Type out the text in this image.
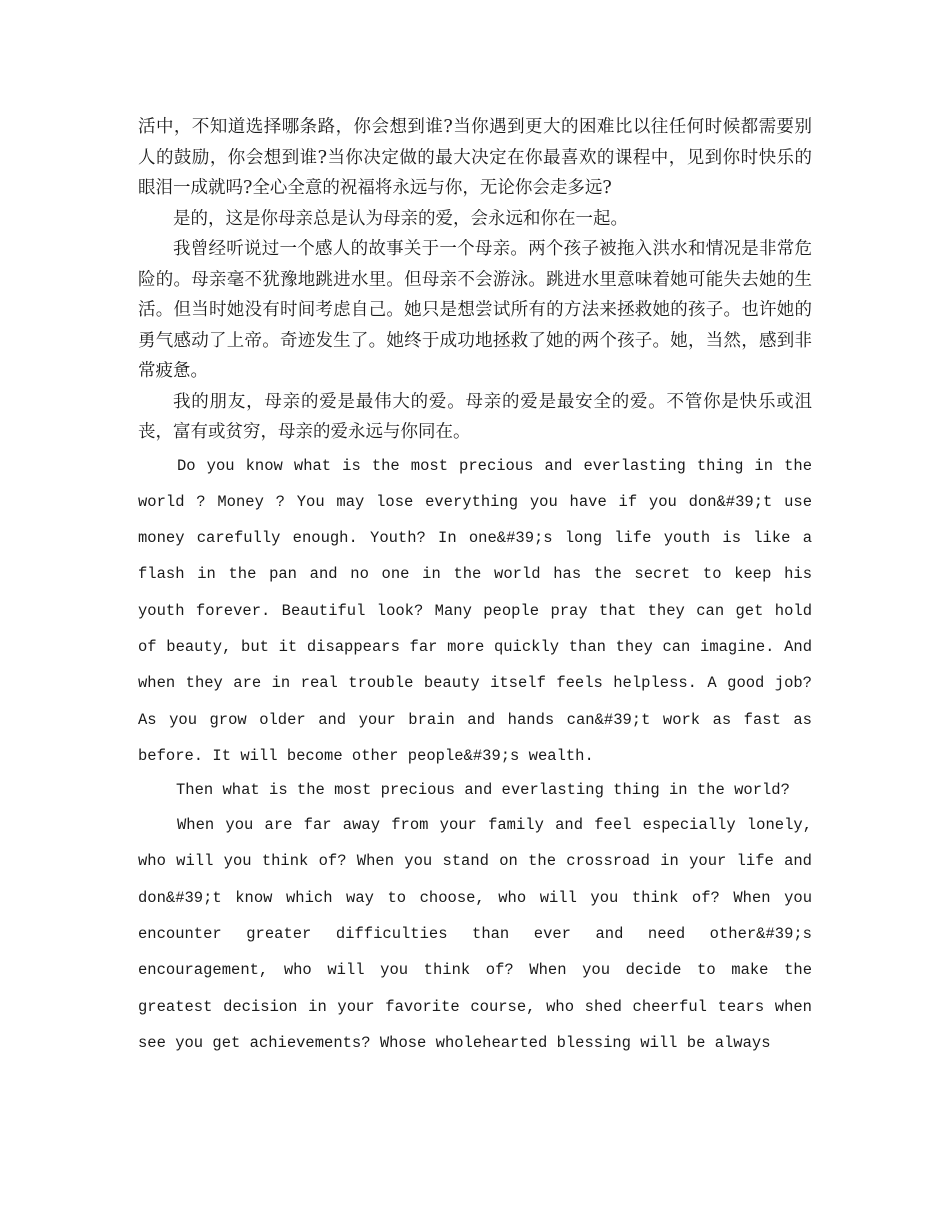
活中，不知道选择哪条路，你会想到谁?当你遇到更大的困难比以往任何时候都需要别人的鼓励，你会想到谁?当你决定做的最大决定在你最喜欢的课程中，见到你时快乐的眼泪一成就吗?全心全意的祝福将永远与你，无论你会走多远?

是的，这是你母亲总是认为母亲的爱，会永远和你在一起。

我曾经听说过一个感人的故事关于一个母亲。两个孩子被拖入洪水和情况是非常危险的。母亲毫不犹豫地跳进水里。但母亲不会游泳。跳进水里意味着她可能失去她的生活。但当时她没有时间考虑自己。她只是想尝试所有的方法来拯救她的孩子。也许她的勇气感动了上帝。奇迹发生了。她终于成功地拯救了她的两个孩子。她，当然，感到非常疲惫。

我的朋友，母亲的爱是最伟大的爱。母亲的爱是最安全的爱。不管你是快乐或沮丧，富有或贫穷，母亲的爱永远与你同在。

Do you know what is the most precious and everlasting thing in the world ? Money ? You may lose everything you have if you don&#39;t use money carefully enough. Youth? In one&#39;s long life youth is like a flash in the pan and no one in the world has the secret to keep his youth forever. Beautiful look? Many people pray that they can get hold of beauty, but it disappears far more quickly than they can imagine. And when they are in real trouble beauty itself feels helpless. A good job? As you grow older and your brain and hands can&#39;t work as fast as before. It will become other people&#39;s wealth.

Then what is the most precious and everlasting thing in the world?

When you are far away from your family and feel especially lonely, who will you think of? When you stand on the crossroad in your life and don&#39;t know which way to choose, who will you think of? When you encounter greater difficulties than ever and need other&#39;s encouragement, who will you think of? When you decide to make the greatest decision in your favorite course, who shed cheerful tears when see you get achievements? Whose wholehearted blessing will be always
